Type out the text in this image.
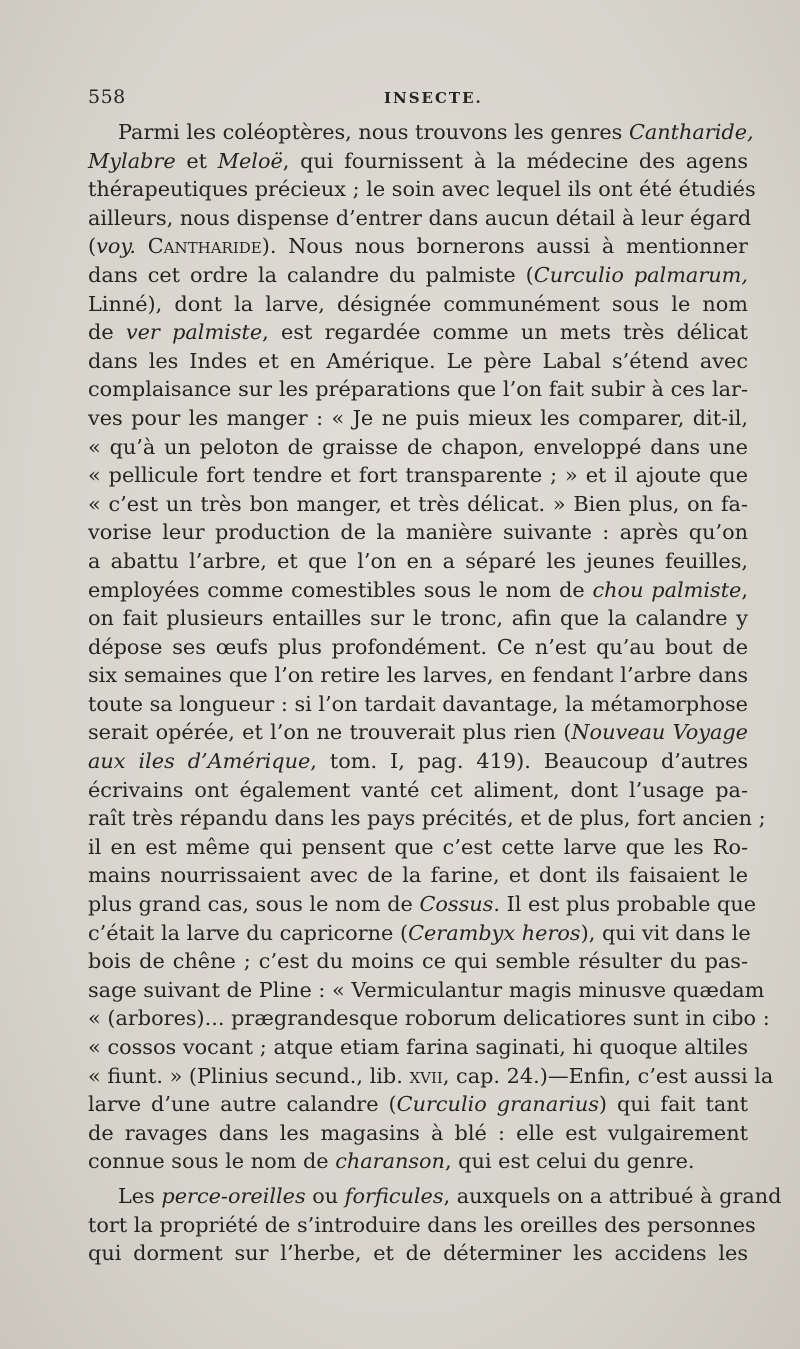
558	INSECTE.
Parmi les coléoptères, nous trouvons les genres Cantharide,
Mylabre et Meloë, qui fournissent à la médecine des agens
thérapeutiques précieux ; le soin avec lequel ils ont été étudiés
ailleurs, nous dispense d’entrer dans aucun détail à leur égard
(voy. Cantharide). Nous nous bornerons aussi à mentionner
dans cet ordre la calandre du palmiste (Curculio palmarum,
Linné), dont la larve, désignée communément sous le nom
de ver palmiste, est regardée comme un mets très délicat
dans les Indes et en Amérique. Le père Labal s’étend avec
complaisance sur les préparations que l’on fait subir à ces lar-
ves pour les manger : « Je ne puis mieux les comparer, dit-il,
« qu’à un peloton de graisse de chapon, enveloppé dans une
« pellicule fort tendre et fort transparente ; » et il ajoute que
« c’est un très bon manger, et très délicat. » Bien plus, on fa-
vorise leur production de la manière suivante : après qu’on
a abattu l’arbre, et que l’on en a séparé les jeunes feuilles,
employées comme comestibles sous le nom de chou palmiste,
on fait plusieurs entailles sur le tronc, afin que la calandre y
dépose ses œufs plus profondément. Ce n’est qu’au bout de
six semaines que l’on retire les larves, en fendant l’arbre dans
toute sa longueur : si l’on tardait davantage, la métamorphose
serait opérée, et l’on ne trouverait plus rien (Nouveau Voyage
aux iles d’Amérique, tom. I, pag. 419). Beaucoup d’autres
écrivains ont également vanté cet aliment, dont l’usage pa-
raît très répandu dans les pays précités, et de plus, fort ancien ;
il en est même qui pensent que c’est cette larve que les Ro-
mains nourrissaient avec de la farine, et dont ils faisaient le
plus grand cas, sous le nom de Cossus. Il est plus probable que
c’était la larve du capricorne (Cerambyx heros), qui vit dans le
bois de chêne ; c’est du moins ce qui semble résulter du pas-
sage suivant de Pline : « Vermiculantur magis minusve quædam
« (arbores)... prægrandesque roborum delicatiores sunt in cibo :
« cossos vocant ; atque etiam farina saginati, hi quoque altiles
« fiunt. » (Plinius secund., lib. xvii, cap. 24.)—Enfin, c’est aussi la
larve d’une autre calandre (Curculio granarius) qui fait tant
de ravages dans les magasins à blé : elle est vulgairement
connue sous le nom de charanson, qui est celui du genre.
Les perce-oreilles ou forficules, auxquels on a attribué à grand
tort la propriété de s’introduire dans les oreilles des personnes
qui dorment sur l’herbe, et de déterminer les accidens les
